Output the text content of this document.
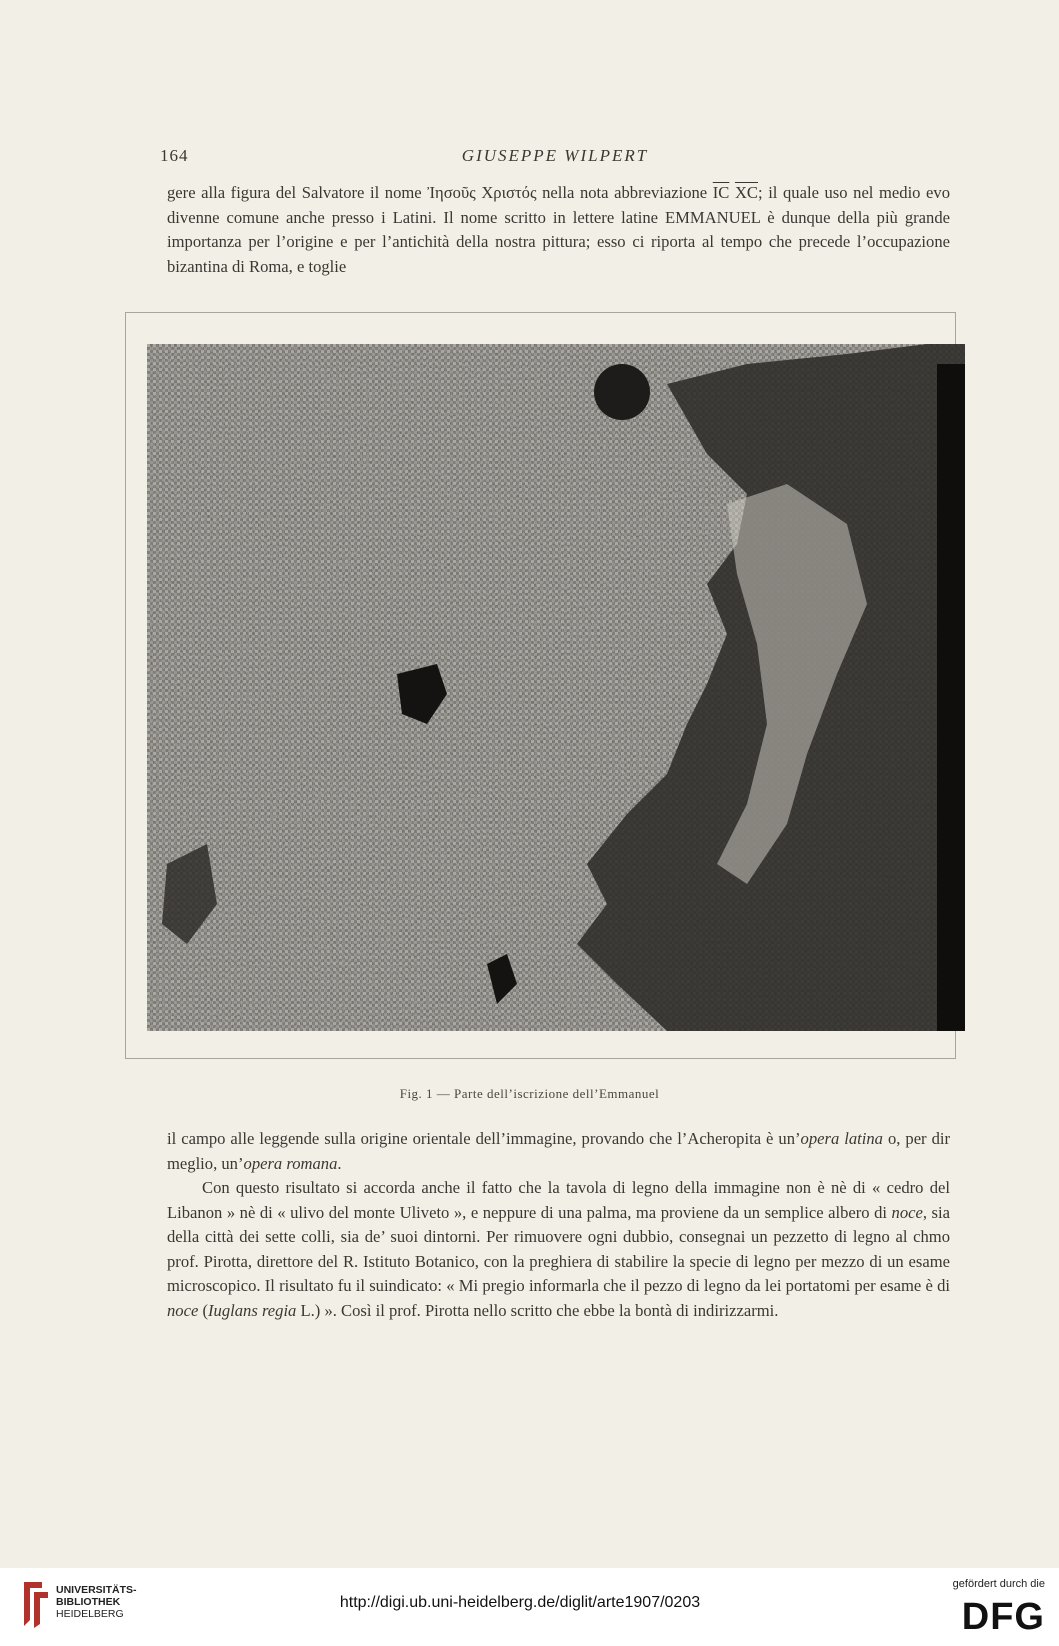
164	GIUSEPPE WILPERT

gere alla figura del Salvatore il nome Ἰησοῦς Χριστός nella nota abbreviazione $\overline{IC}$ $\overline{XC}$; il quale uso nel medio evo divenne comune anche presso i Latini. Il nome scritto in lettere latine EMMANUEL è dunque della più grande importanza per l’origine e per l’antichità della nostra pittura; esso ci riporta al tempo che precede l’occupazione bizantina di Roma, e toglie

Fig. 1 — Parte dell’iscrizione dell’Emmanuel

il campo alle leggende sulla origine orientale dell’immagine, provando che l’Acheropita è un’opera latina o, per dir meglio, un’opera romana.

Con questo risultato si accorda anche il fatto che la tavola di legno della immagine non è nè di « cedro del Libanon » nè di « ulivo del monte Uliveto », e neppure di una palma, ma proviene da un semplice albero di noce, sia della città dei sette colli, sia de’ suoi dintorni. Per rimuovere ogni dubbio, consegnai un pezzetto di legno al chmo prof. Pirotta, direttore del R. Istituto Botanico, con la preghiera di stabilire la specie di legno per mezzo di un esame microscopico. Il risultato fu il suindicato: « Mi pregio informarla che il pezzo di legno da lei portatomi per esame è di noce (Iuglans regia L.) ». Così il prof. Pirotta nello scritto che ebbe la bontà di indirizzarmi.

UNIVERSITÄTS-
BIBLIOTHEK
HEIDELBERG
http://digi.ub.uni-heidelberg.de/diglit/arte1907/0203
gefördert durch die
DFG
